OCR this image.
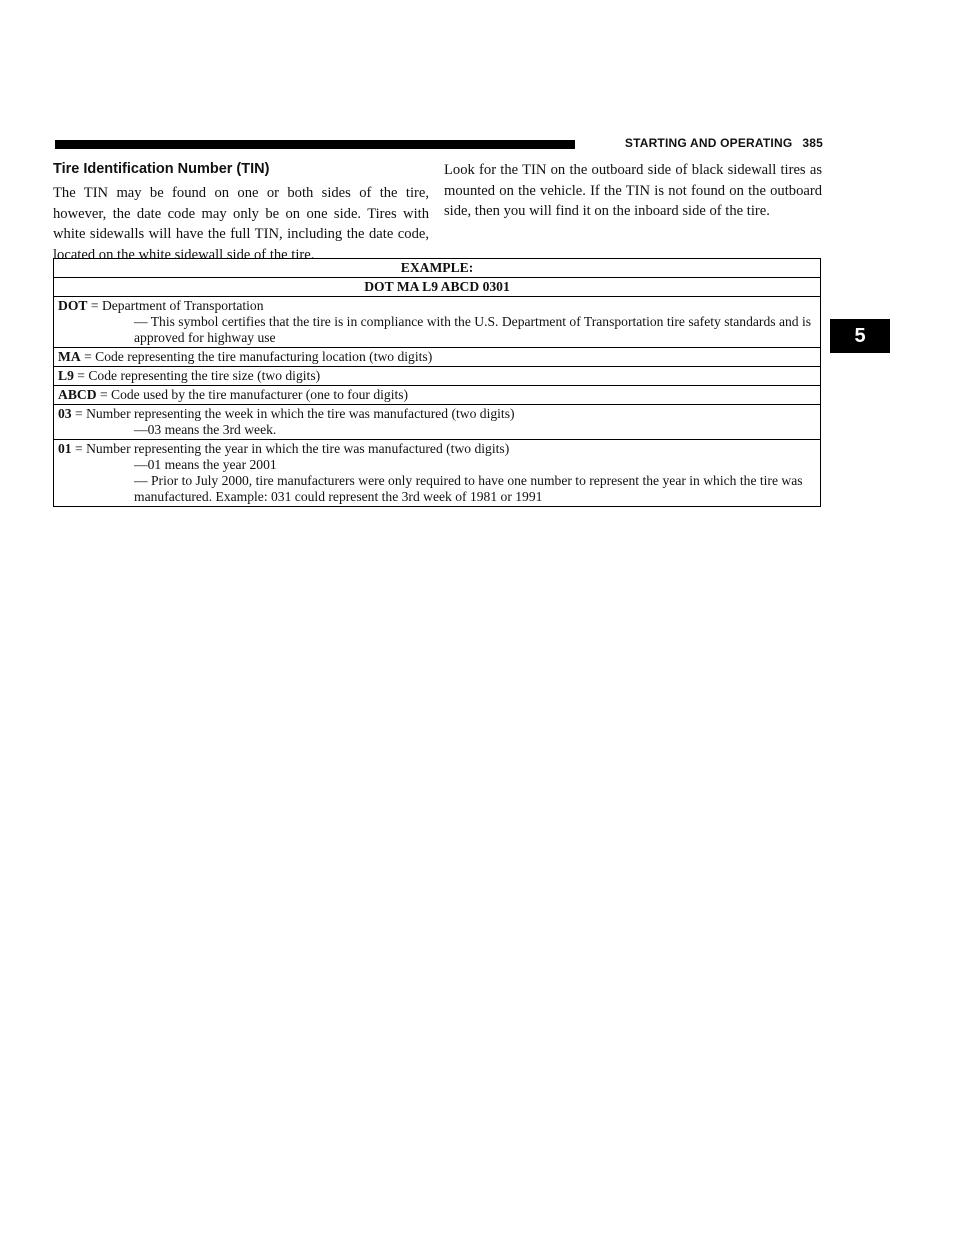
STARTING AND OPERATING 385
5
Tire Identification Number (TIN)

The TIN may be found on one or both sides of the tire, however, the date code may only be on one side. Tires with white sidewalls will have the full TIN, including the date code, located on the white sidewall side of the tire.

Look for the TIN on the outboard side of black sidewall tires as mounted on the vehicle. If the TIN is not found on the outboard side, then you will find it on the inboard side of the tire.

EXAMPLE:
DOT MA L9 ABCD 0301
DOT = Department of Transportation
— This symbol certifies that the tire is in compliance with the U.S. Department of Transportation tire safety standards and is approved for highway use

MA = Code representing the tire manufacturing location (two digits)
L9 = Code representing the tire size (two digits)
ABCD = Code used by the tire manufacturer (one to four digits)
03 = Number representing the week in which the tire was manufactured (two digits)
—03 means the 3rd week.

01 = Number representing the year in which the tire was manufactured (two digits)
—01 means the year 2001
— Prior to July 2000, tire manufacturers were only required to have one number to represent the year in which the tire was manufactured. Example: 031 could represent the 3rd week of 1981 or 1991
